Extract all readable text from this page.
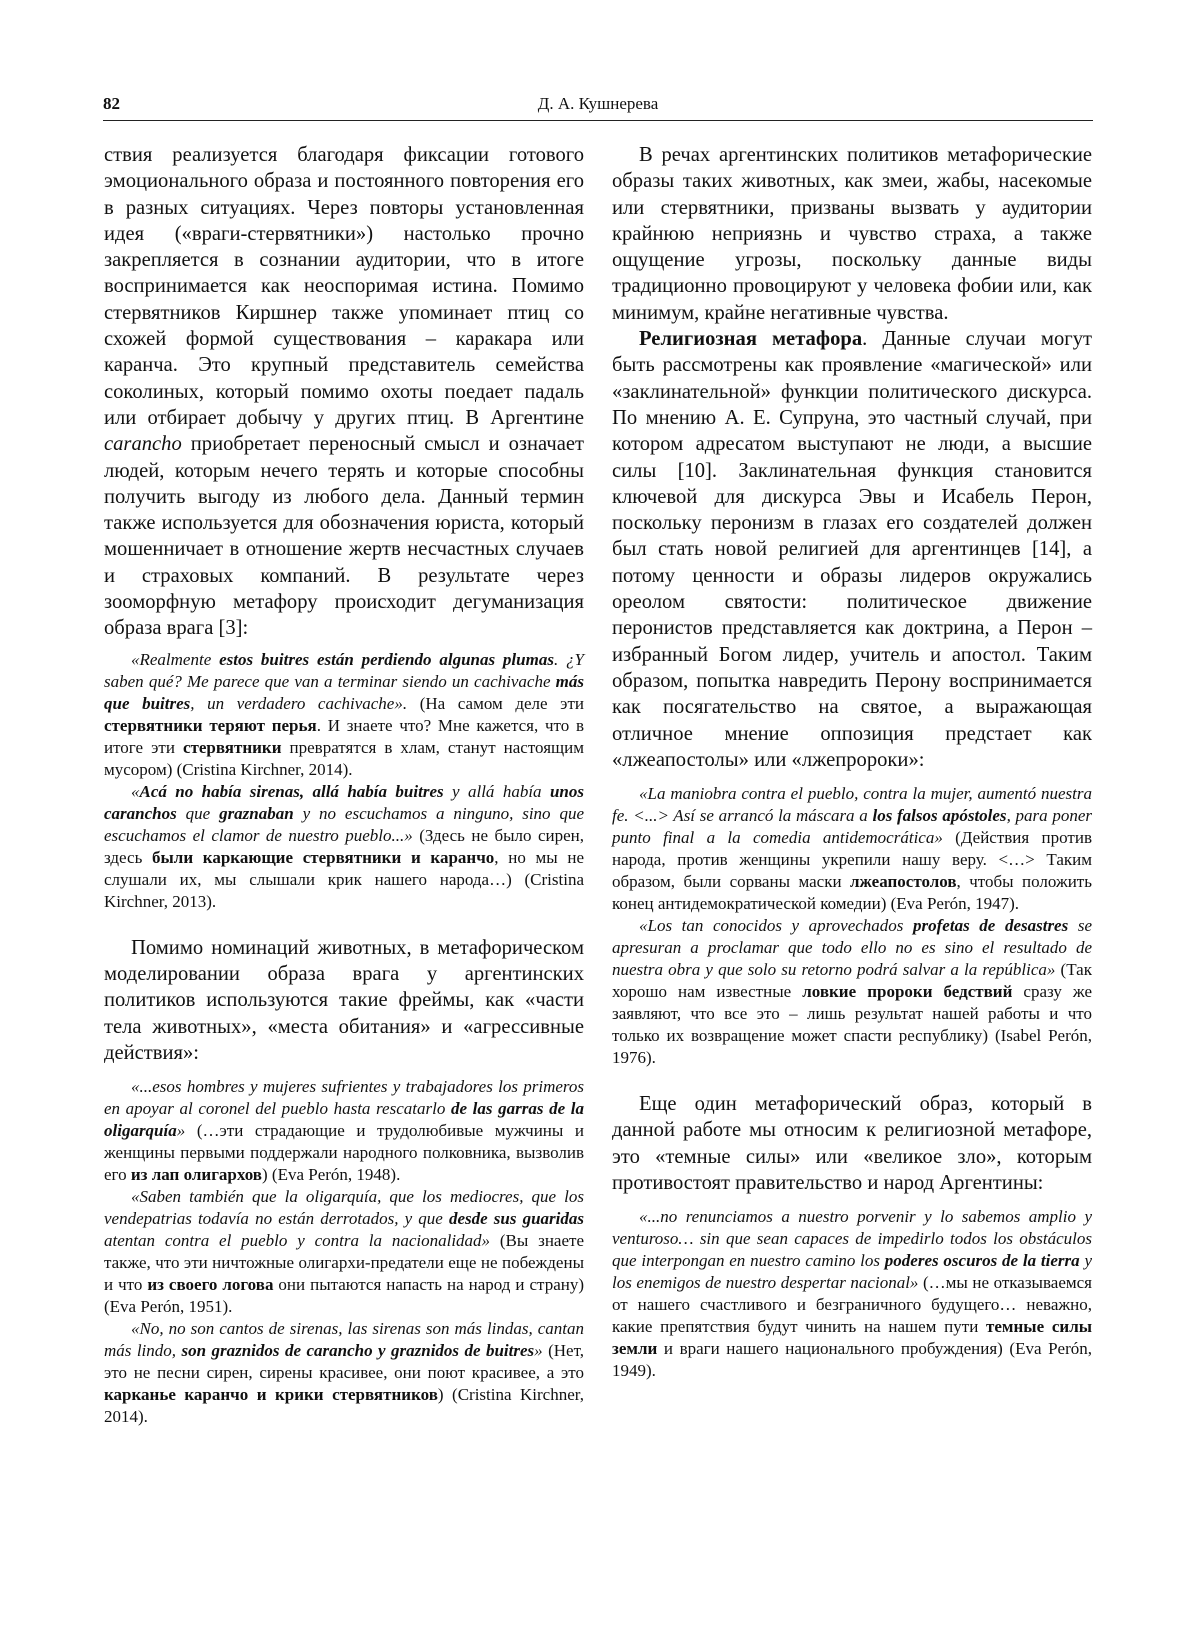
82	Д. А. Кушнерева

ствия реализуется благодаря фиксации готового эмоционального образа и постоянного повторения его в разных ситуациях. Через повторы установленная идея («враги-стервятники») настолько прочно закрепляется в сознании аудитории, что в итоге воспринимается как неоспоримая истина. Помимо стервятников Киршнер также упоминает птиц со схожей формой существования – каракара или каранча. Это крупный представитель семейства соколиных, который помимо охоты поедает падаль или отбирает добычу у других птиц. В Аргентине carancho приобретает переносный смысл и означает людей, которым нечего терять и которые способны получить выгоду из любого дела. Данный термин также используется для обозначения юриста, который мошенничает в отношение жертв несчастных случаев и страховых компаний. В результате через зооморфную метафору происходит дегуманизация образа врага [3]:

«Realmente estos buitres están perdiendo algunas plumas. ¿Y saben qué? Me parece que van a terminar siendo un cachivache más que buitres, un verdadero cachivache». (На самом деле эти стервятники теряют перья. И знаете что? Мне кажется, что в итоге эти стервятники превратятся в хлам, станут настоящим мусором) (Cristina Kirchner, 2014).

«Acá no había sirenas, allá había buitres y allá había unos caranchos que graznaban y no escuchamos a ninguno, sino que escuchamos el clamor de nuestro pueblo...» (Здесь не было сирен, здесь были каркающие стервятники и каранчо, но мы не слушали их, мы слышали крик нашего народа…) (Cristina Kirchner, 2013).

Помимо номинаций животных, в метафорическом моделировании образа врага у аргентинских политиков используются такие фреймы, как «части тела животных», «места обитания» и «агрессивные действия»:

«...esos hombres y mujeres sufrientes y trabajadores los primeros en apoyar al coronel del pueblo hasta rescatarlo de las garras de la oligarquía» (…эти страдающие и трудолюбивые мужчины и женщины первыми поддержали народного полковника, вызволив его из лап олигархов) (Eva Perón, 1948).

«Saben también que la oligarquía, que los mediocres, que los vendepatrias todavía no están derrotados, y que desde sus guaridas atentan contra el pueblo y contra la nacionalidad» (Вы знаете также, что эти ничтожные олигархи-предатели еще не побеждены и что из своего логова они пытаются напасть на народ и страну) (Eva Perón, 1951).

«No, no son cantos de sirenas, las sirenas son más lindas, cantan más lindo, son graznidos de carancho y graznidos de buitres» (Нет, это не песни сирен, сирены красивее, они поют красивее, а это карканье каранчо и крики стервятников) (Cristina Kirchner, 2014).

В речах аргентинских политиков метафорические образы таких животных, как змеи, жабы, насекомые или стервятники, призваны вызвать у аудитории крайнюю неприязнь и чувство страха, а также ощущение угрозы, поскольку данные виды традиционно провоцируют у человека фобии или, как минимум, крайне негативные чувства.

Религиозная метафора. Данные случаи могут быть рассмотрены как проявление «магической» или «заклинательной» функции политического дискурса. По мнению А. Е. Супруна, это частный случай, при котором адресатом выступают не люди, а высшие силы [10]. Заклинательная функция становится ключевой для дискурса Эвы и Исабель Перон, поскольку перонизм в глазах его создателей должен был стать новой религией для аргентинцев [14], а потому ценности и образы лидеров окружались ореолом святости: политическое движение перонистов представляется как доктрина, а Перон – избранный Богом лидер, учитель и апостол. Таким образом, попытка навредить Перону воспринимается как посягательство на святое, а выражающая отличное мнение оппозиция предстает как «лжеапостолы» или «лжепророки»:

«La maniobra contra el pueblo, contra la mujer, aumentó nuestra fe. <...> Así se arrancó la máscara a los falsos apóstoles, para poner punto final a la comedia antidemocrática» (Действия против народа, против женщины укрепили нашу веру. <…> Таким образом, были сорваны маски лжеапостолов, чтобы положить конец антидемократической комедии) (Eva Perón, 1947).

«Los tan conocidos y aprovechados profetas de desastres se apresuran a proclamar que todo ello no es sino el resultado de nuestra obra y que solo su retorno podrá salvar a la república» (Так хорошо нам известные ловкие пророки бедствий сразу же заявляют, что все это – лишь результат нашей работы и что только их возвращение может спасти республику) (Isabel Perón, 1976).

Еще один метафорический образ, который в данной работе мы относим к религиозной метафоре, это «темные силы» или «великое зло», которым противостоят правительство и народ Аргентины:

«...no renunciamos a nuestro porvenir y lo sabemos amplio y venturoso… sin que sean capaces de impedirlo todos los obstáculos que interpongan en nuestro camino los poderes oscuros de la tierra y los enemigos de nuestro despertar nacional» (…мы не отказываемся от нашего счастливого и безграничного будущего… неважно, какие препятствия будут чинить на нашем пути темные силы земли и враги нашего национального пробуждения) (Eva Perón, 1949).
